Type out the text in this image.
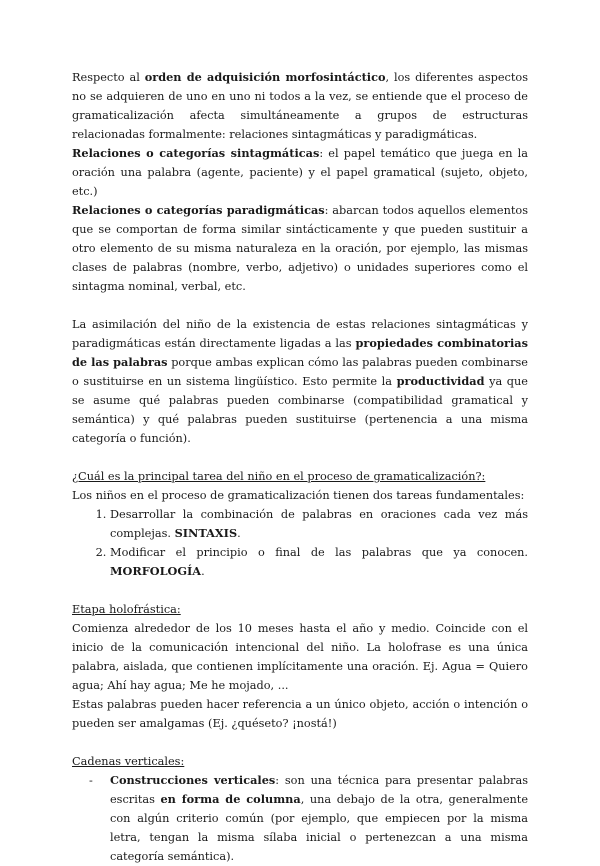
Respecto al orden de adquisición morfosintáctico, los diferentes aspectos no se adquieren de uno en uno ni todos a la vez, se entiende que el proceso de gramaticalización afecta simultáneamente a grupos de estructuras relacionadas formalmente: relaciones sintagmáticas y paradigmáticas.

Relaciones o categorías sintagmáticas: el papel temático que juega en la oración una palabra (agente, paciente) y el papel gramatical (sujeto, objeto, etc.)

Relaciones o categorías paradigmáticas: abarcan todos aquellos elementos que se comportan de forma similar sintácticamente y que pueden sustituir a otro elemento de su misma naturaleza en la oración, por ejemplo, las mismas clases de palabras (nombre, verbo, adjetivo) o unidades superiores como el sintagma nominal, verbal, etc.

La asimilación del niño de la existencia de estas relaciones sintagmáticas y paradigmáticas están directamente ligadas a las propiedades combinatorias de las palabras porque ambas explican cómo las palabras pueden combinarse o sustituirse en un sistema lingüístico. Esto permite la productividad ya que se asume qué palabras pueden combinarse (compatibilidad gramatical y semántica) y qué palabras pueden sustituirse (pertenencia a una misma categoría o función).

¿Cuál es la principal tarea del niño en el proceso de gramaticalización?:

Los niños en el proceso de gramaticalización tienen dos tareas fundamentales:

1. Desarrollar la combinación de palabras en oraciones cada vez más complejas. SINTAXIS.
2. Modificar el principio o final de las palabras que ya conocen. MORFOLOGÍA.

Etapa holofrástica:

Comienza alrededor de los 10 meses hasta el año y medio. Coincide con el inicio de la comunicación intencional del niño. La holofrase es una única palabra, aislada, que contienen implícitamente una oración. Ej. Agua = Quiero agua; Ahí hay agua; Me he mojado, ...

Estas palabras pueden hacer referencia a un único objeto, acción o intención o pueden ser amalgamas (Ej. ¿quéseto? ¡nostá!)

Cadenas verticales:

- Construcciones verticales: son una técnica para presentar palabras escritas en forma de columna, una debajo de la otra, generalmente con algún criterio común (por ejemplo, que empiecen por la misma letra, tengan la misma sílaba inicial o pertenezcan a una misma categoría semántica).
